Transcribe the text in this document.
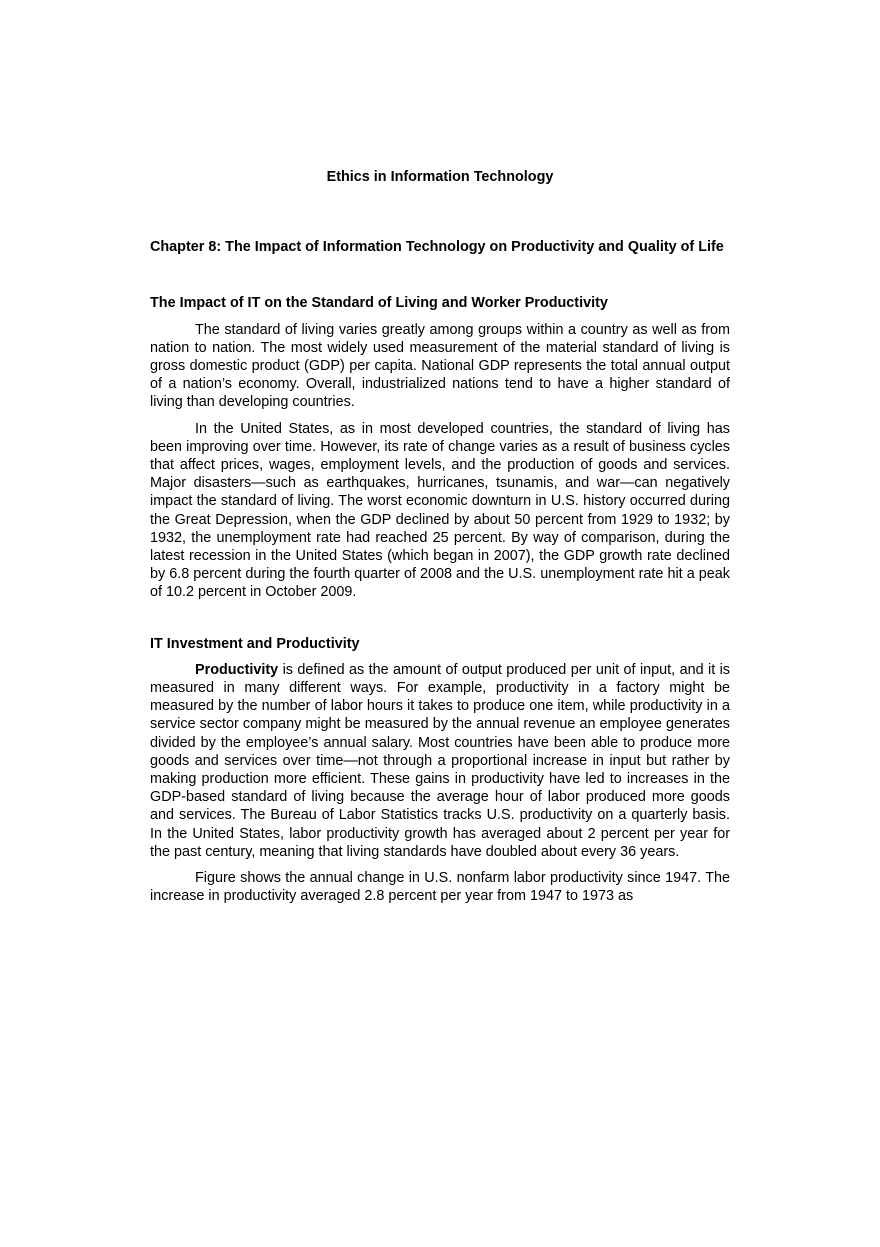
Ethics in Information Technology
Chapter 8: The Impact of Information Technology on Productivity and Quality of Life
The Impact of IT on the Standard of Living and Worker Productivity

The standard of living varies greatly among groups within a country as well as from nation to nation. The most widely used measurement of the material standard of living is gross domestic product (GDP) per capita. National GDP represents the total annual output of a nation’s economy. Overall, industrialized nations tend to have a higher standard of living than developing countries.

In the United States, as in most developed countries, the standard of living has been improving over time. However, its rate of change varies as a result of business cycles that affect prices, wages, employment levels, and the production of goods and services. Major disasters—such as earthquakes, hurricanes, tsunamis, and war—can negatively impact the standard of living. The worst economic downturn in U.S. history occurred during the Great Depression, when the GDP declined by about 50 percent from 1929 to 1932; by 1932, the unemployment rate had reached 25 percent. By way of comparison, during the latest recession in the United States (which began in 2007), the GDP growth rate declined by 6.8 percent during the fourth quarter of 2008 and the U.S. unemployment rate hit a peak of 10.2 percent in October 2009.

IT Investment and Productivity

Productivity is defined as the amount of output produced per unit of input, and it is measured in many different ways. For example, productivity in a factory might be measured by the number of labor hours it takes to produce one item, while productivity in a service sector company might be measured by the annual revenue an employee generates divided by the employee’s annual salary. Most countries have been able to produce more goods and services over time—not through a proportional increase in input but rather by making production more efficient. These gains in productivity have led to increases in the GDP-based standard of living because the average hour of labor produced more goods and services. The Bureau of Labor Statistics tracks U.S. productivity on a quarterly basis. In the United States, labor productivity growth has averaged about 2 percent per year for the past century, meaning that living standards have doubled about every 36 years.

Figure shows the annual change in U.S. nonfarm labor productivity since 1947. The increase in productivity averaged 2.8 percent per year from 1947 to 1973 as
